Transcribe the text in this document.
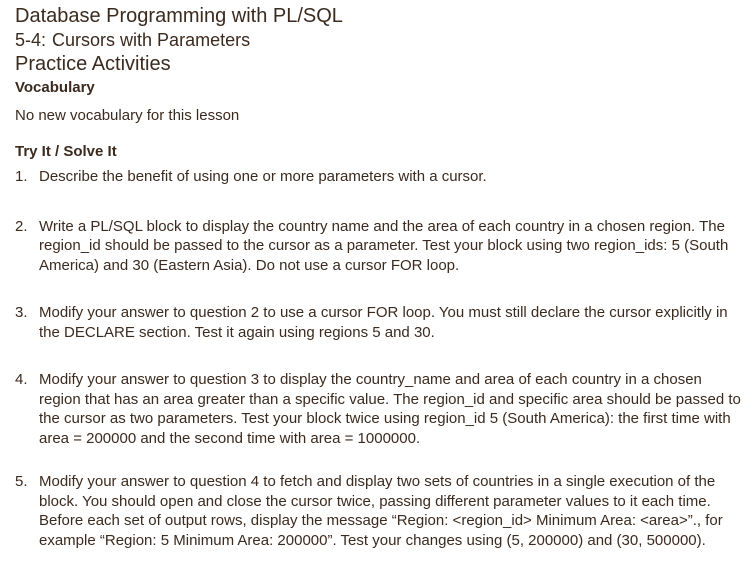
Database Programming with PL/SQL
5-4: Cursors with Parameters
Practice Activities
Vocabulary

No new vocabulary for this lesson

Try It / Solve It
1. Describe the benefit of using one or more parameters with a cursor.
2. Write a PL/SQL block to display the country name and the area of each country in a chosen region. The region_id should be passed to the cursor as a parameter. Test your block using two region_ids: 5 (South America) and 30 (Eastern Asia). Do not use a cursor FOR loop.
3. Modify your answer to question 2 to use a cursor FOR loop. You must still declare the cursor explicitly in the DECLARE section. Test it again using regions 5 and 30.
4. Modify your answer to question 3 to display the country_name and area of each country in a chosen region that has an area greater than a specific value. The region_id and specific area should be passed to the cursor as two parameters. Test your block twice using region_id 5 (South America): the first time with area = 200000 and the second time with area = 1000000.
5. Modify your answer to question 4 to fetch and display two sets of countries in a single execution of the block. You should open and close the cursor twice, passing different parameter values to it each time. Before each set of output rows, display the message “Region: <region_id> Minimum Area: <area>”., for example “Region: 5 Minimum Area: 200000”. Test your changes using (5, 200000) and (30, 500000).
